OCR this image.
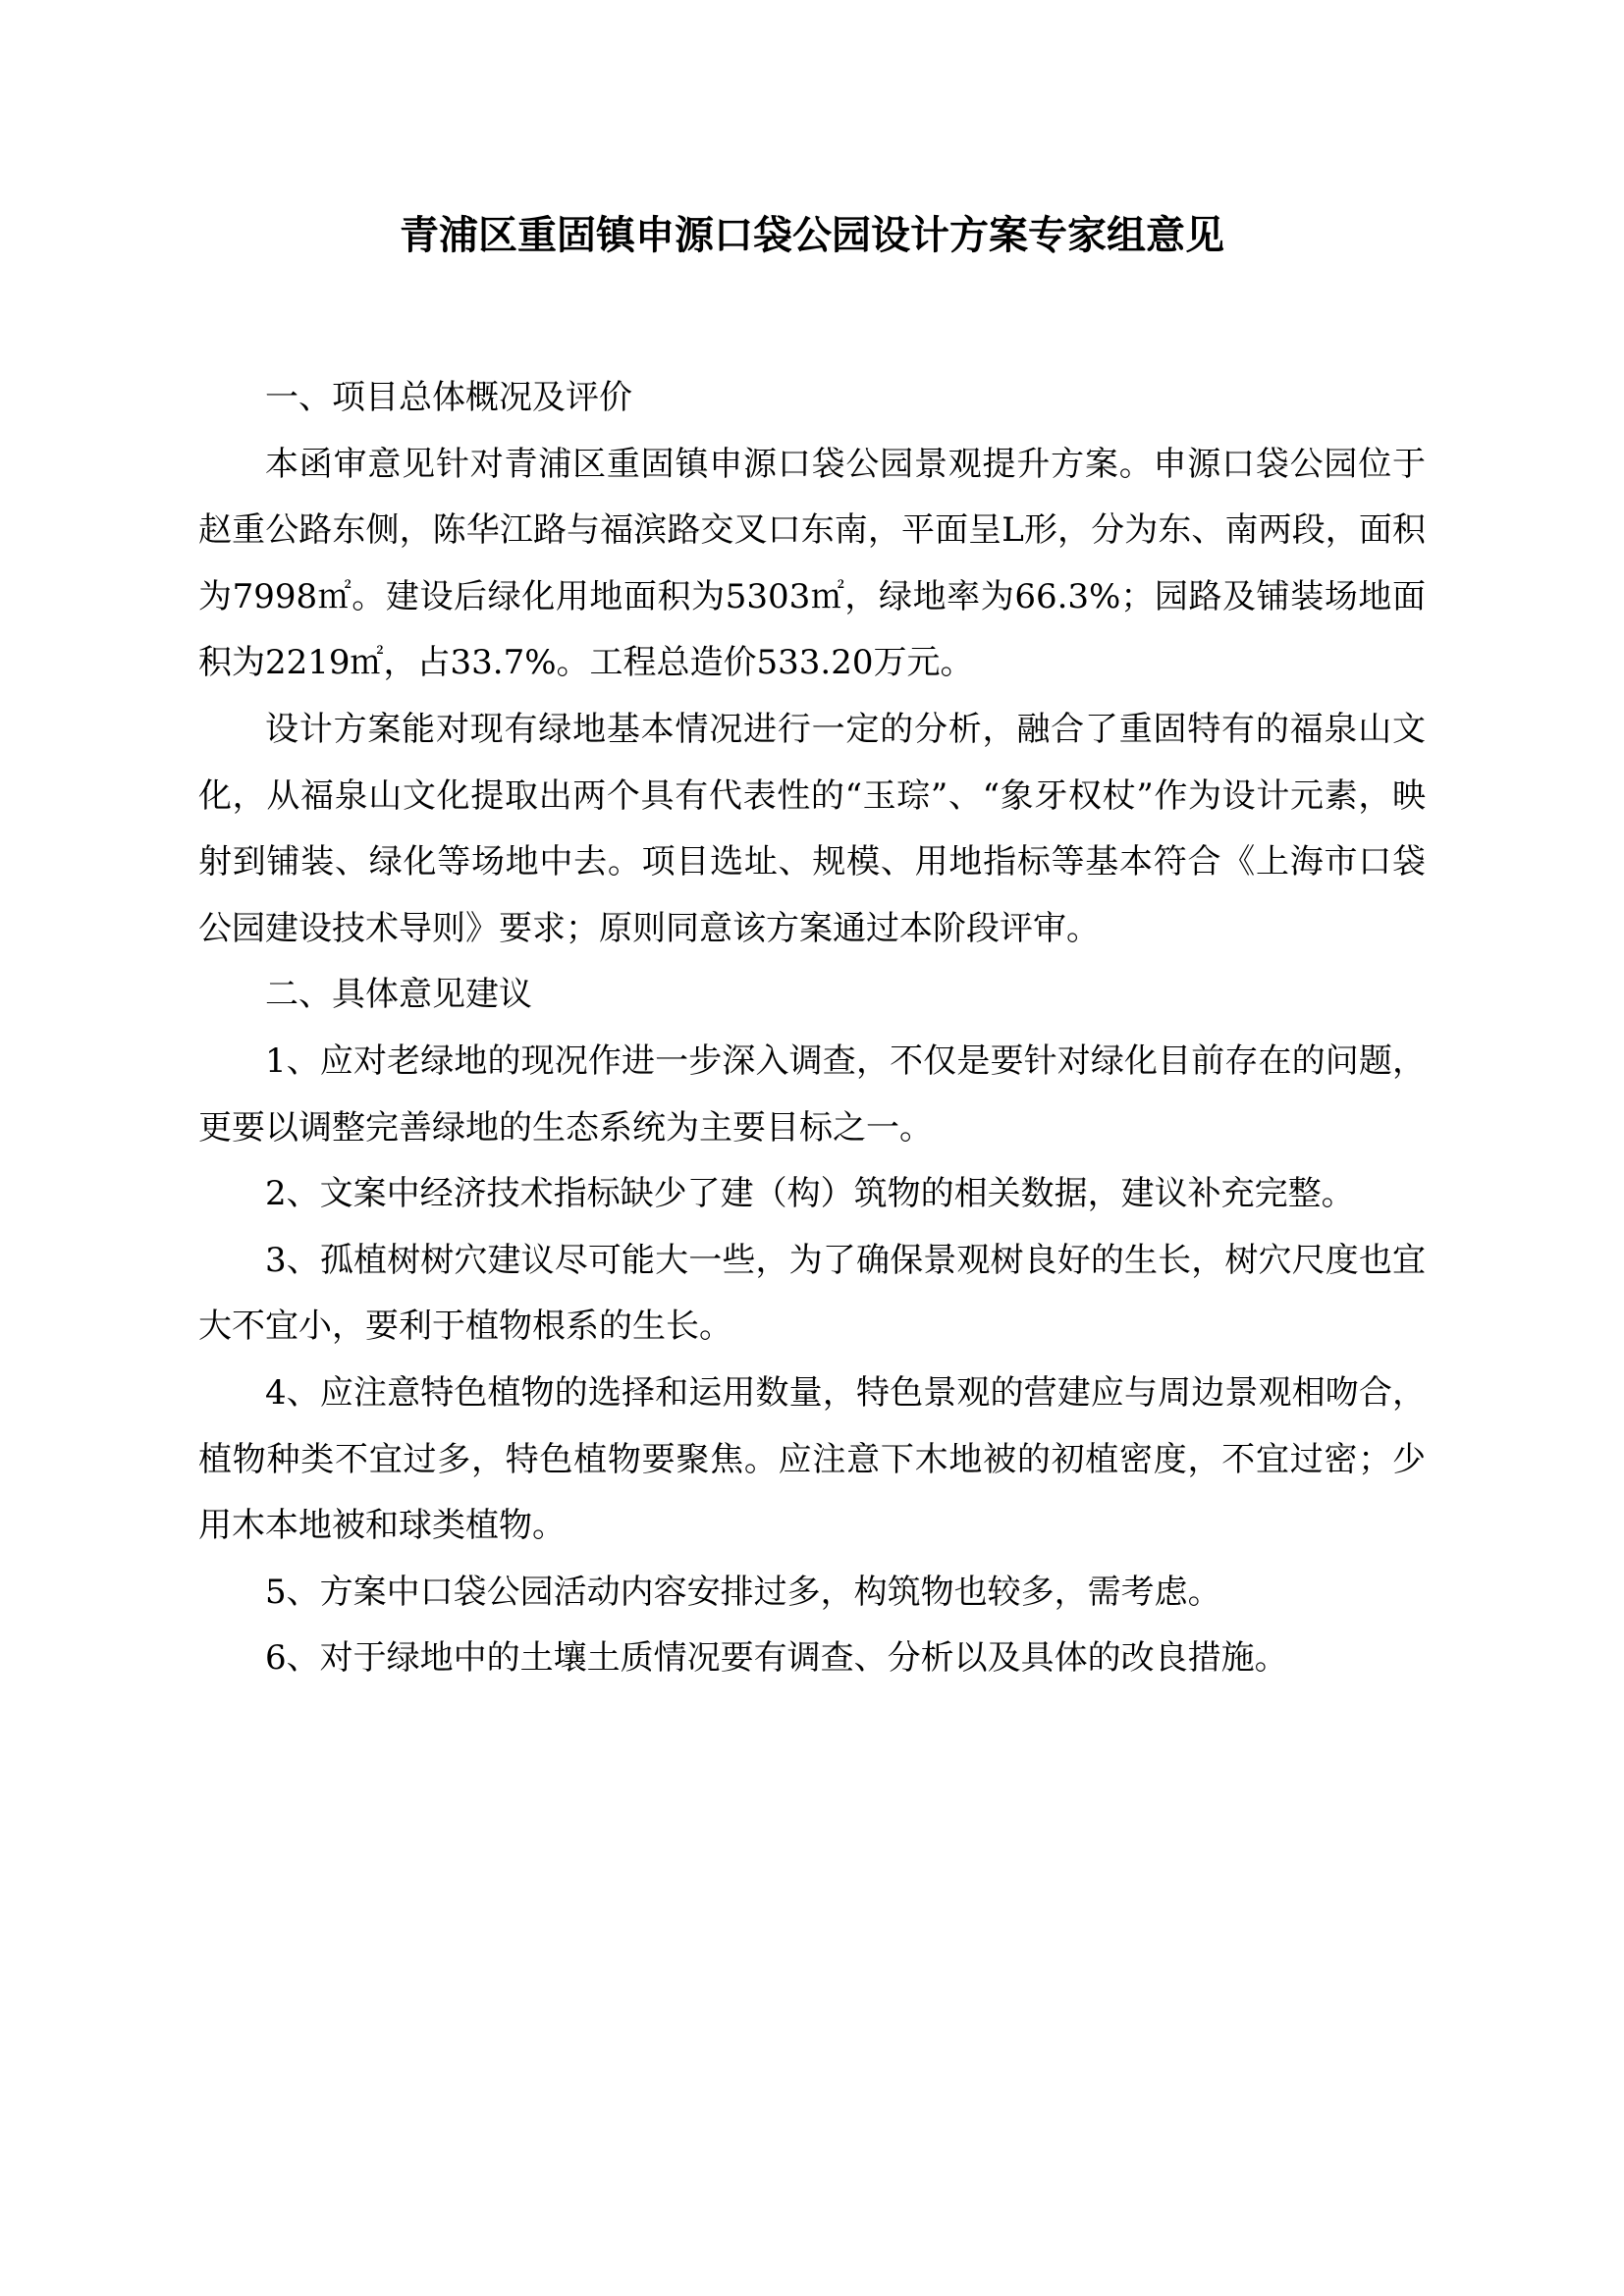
青浦区重固镇申源口袋公园设计方案专家组意见

一、项目总体概况及评价

本函审意见针对青浦区重固镇申源口袋公园景观提升方案。申源口袋公园位于赵重公路东侧，陈华江路与福滨路交叉口东南，平面呈L形，分为东、南两段，面积为7998㎡。建设后绿化用地面积为5303㎡，绿地率为66.3%；园路及铺装场地面积为2219㎡，占33.7%。工程总造价533.20万元。

设计方案能对现有绿地基本情况进行一定的分析，融合了重固特有的福泉山文化，从福泉山文化提取出两个具有代表性的“玉琮”、“象牙权杖”作为设计元素，映射到铺装、绿化等场地中去。项目选址、规模、用地指标等基本符合《上海市口袋公园建设技术导则》要求；原则同意该方案通过本阶段评审。

二、具体意见建议

1、应对老绿地的现况作进一步深入调查，不仅是要针对绿化目前存在的问题，更要以调整完善绿地的生态系统为主要目标之一。

2、文案中经济技术指标缺少了建（构）筑物的相关数据，建议补充完整。

3、孤植树树穴建议尽可能大一些，为了确保景观树良好的生长，树穴尺度也宜大不宜小，要利于植物根系的生长。

4、应注意特色植物的选择和运用数量，特色景观的营建应与周边景观相吻合，植物种类不宜过多，特色植物要聚焦。应注意下木地被的初植密度，不宜过密；少用木本地被和球类植物。

5、方案中口袋公园活动内容安排过多，构筑物也较多，需考虑。

6、对于绿地中的土壤土质情况要有调查、分析以及具体的改良措施。
